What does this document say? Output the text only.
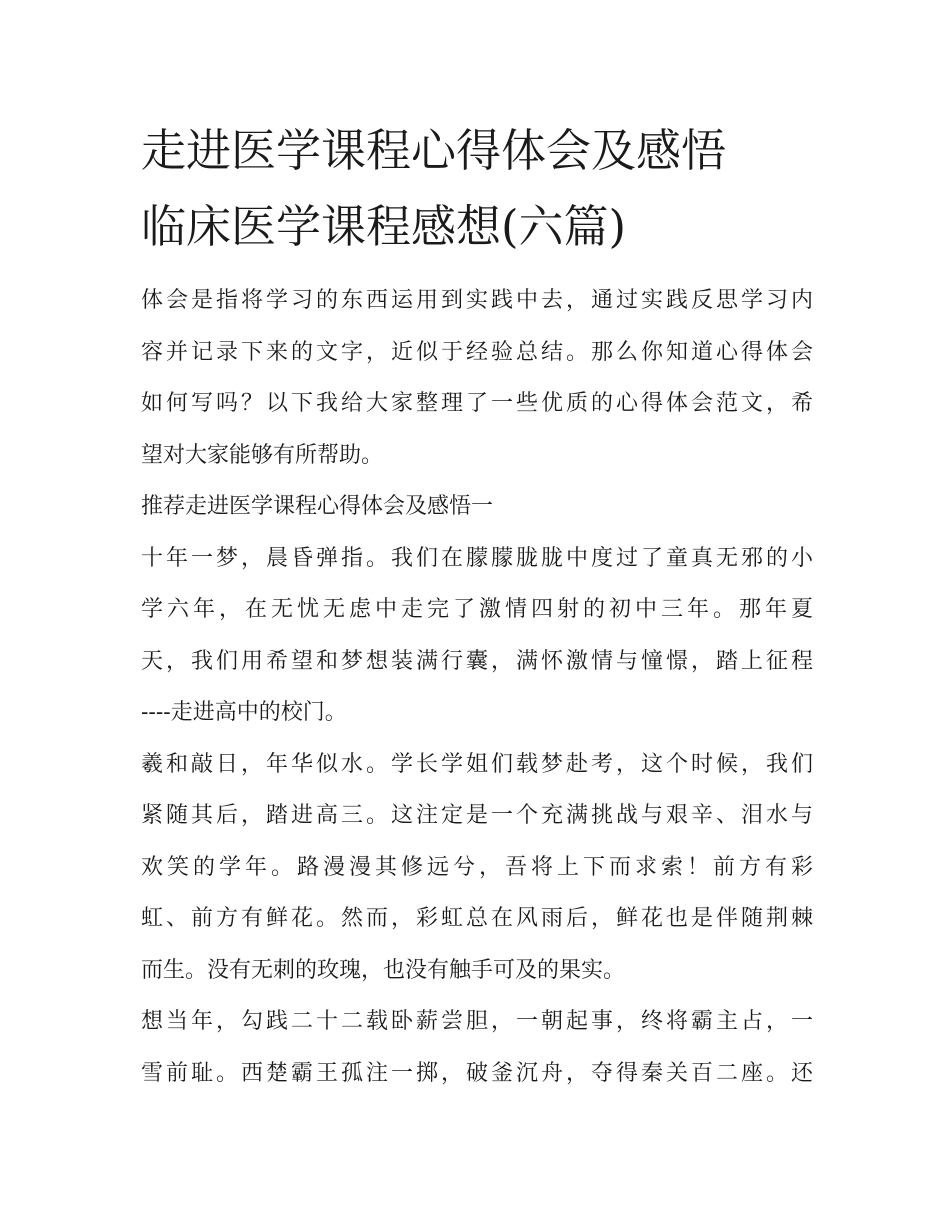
走进医学课程心得体会及感悟
临床医学课程感想(六篇)

体会是指将学习的东西运用到实践中去，通过实践反思学习内
容并记录下来的文字，近似于经验总结。那么你知道心得体会
如何写吗？以下我给大家整理了一些优质的心得体会范文，希
望对大家能够有所帮助。

推荐走进医学课程心得体会及感悟一

十年一梦，晨昏弹指。我们在朦朦胧胧中度过了童真无邪的小
学六年，在无忧无虑中走完了激情四射的初中三年。那年夏
天，我们用希望和梦想装满行囊，满怀激情与憧憬，踏上征程
----走进高中的校门。

羲和敲日，年华似水。学长学姐们载梦赴考，这个时候，我们
紧随其后，踏进高三。这注定是一个充满挑战与艰辛、泪水与
欢笑的学年。路漫漫其修远兮，吾将上下而求索！前方有彩
虹、前方有鲜花。然而，彩虹总在风雨后，鲜花也是伴随荆棘
而生。没有无刺的玫瑰，也没有触手可及的果实。

想当年，勾践二十二载卧薪尝胆，一朝起事，终将霸主占，一
雪前耻。西楚霸王孤注一掷，破釜沉舟，夺得秦关百二座。还
